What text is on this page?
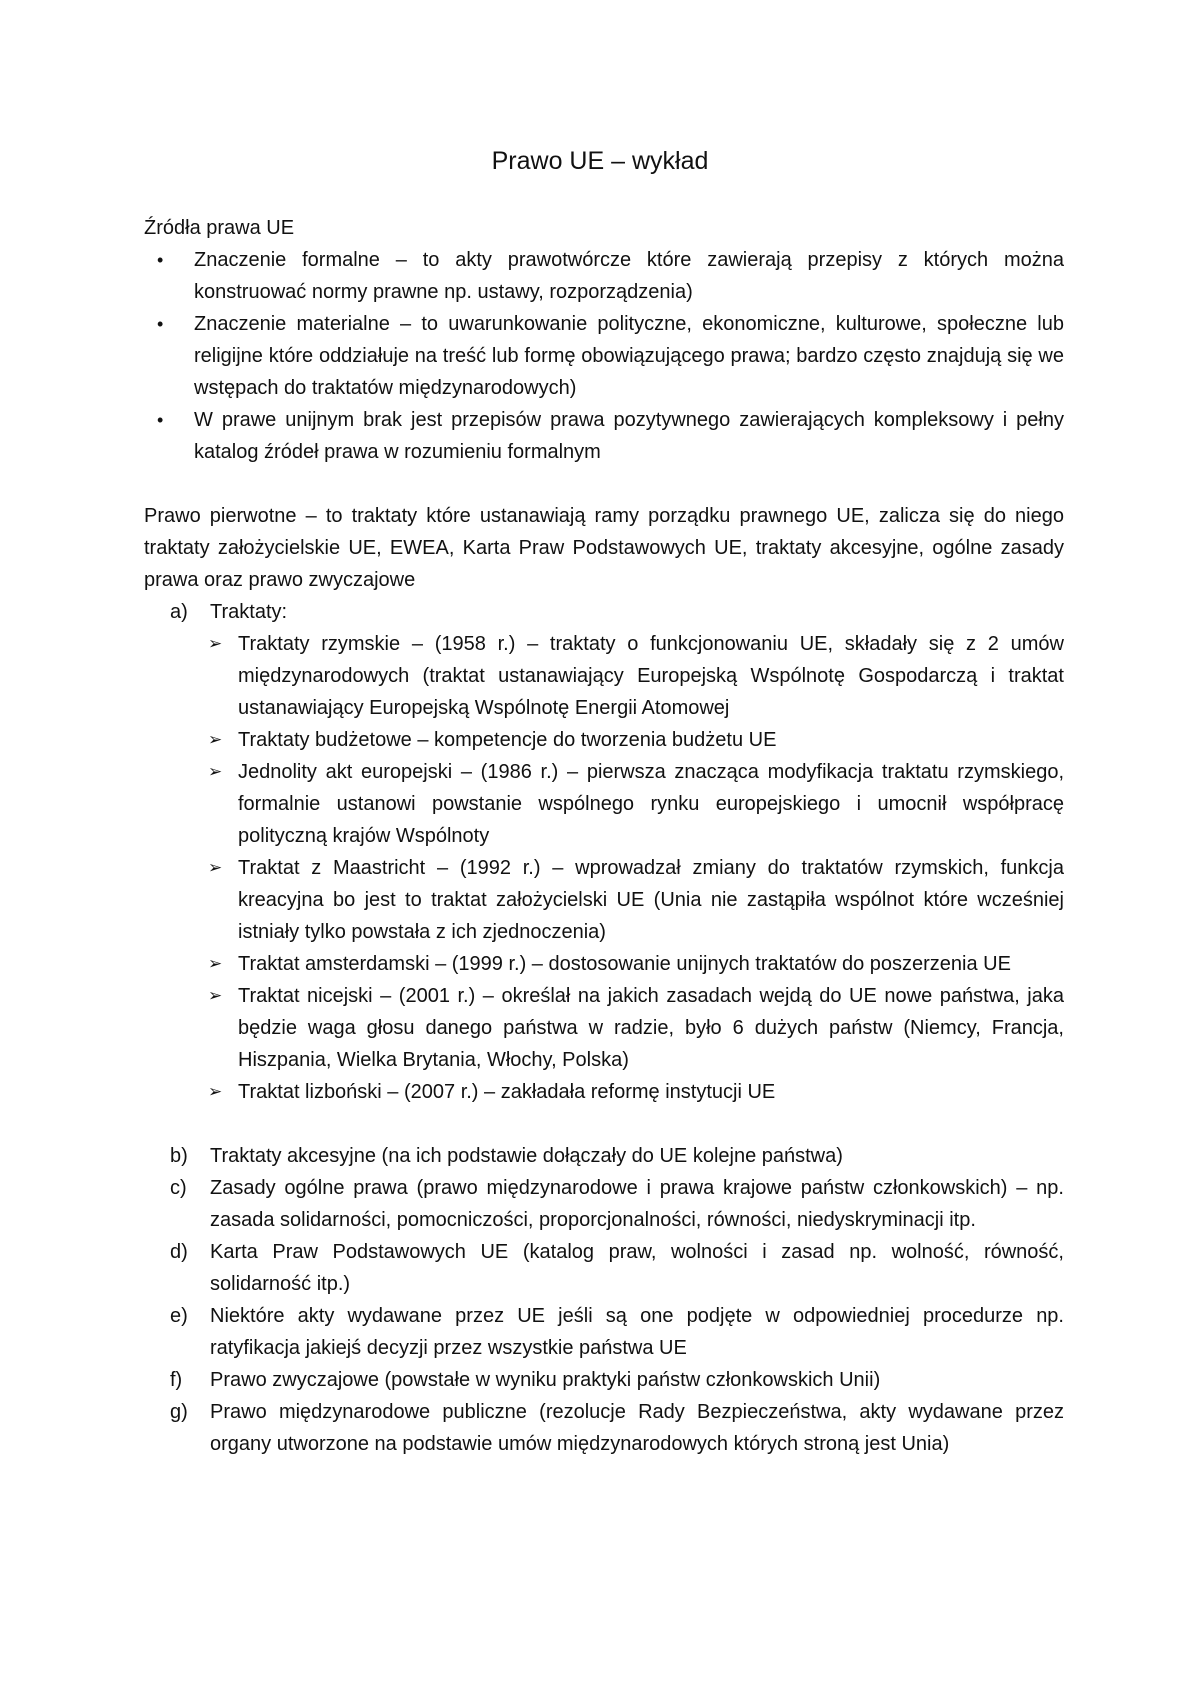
Prawo UE – wykład

Źródła prawa UE

• Znaczenie formalne – to akty prawotwórcze które zawierają przepisy z których można konstruować normy prawne np. ustawy, rozporządzenia)
• Znaczenie materialne – to uwarunkowanie polityczne, ekonomiczne, kulturowe, społeczne lub religijne które oddziałuje na treść lub formę obowiązującego prawa; bardzo często znajdują się we wstępach do traktatów międzynarodowych)
• W prawe unijnym brak jest przepisów prawa pozytywnego zawierających kompleksowy i pełny katalog źródeł prawa w rozumieniu formalnym

Prawo pierwotne – to traktaty które ustanawiają ramy porządku prawnego UE, zalicza się do niego traktaty założycielskie UE, EWEA, Karta Praw Podstawowych UE, traktaty akcesyjne, ogólne zasady prawa oraz prawo zwyczajowe

a) Traktaty:
➢ Traktaty rzymskie – (1958 r.) – traktaty o funkcjonowaniu UE, składały się z 2 umów międzynarodowych (traktat ustanawiający Europejską Wspólnotę Gospodarczą i traktat ustanawiający Europejską Wspólnotę Energii Atomowej
➢ Traktaty budżetowe – kompetencje do tworzenia budżetu UE
➢ Jednolity akt europejski – (1986 r.) – pierwsza znacząca modyfikacja traktatu rzymskiego, formalnie ustanowi powstanie wspólnego rynku europejskiego i umocnił współpracę polityczną krajów Wspólnoty
➢ Traktat z Maastricht – (1992 r.) – wprowadzał zmiany do traktatów rzymskich, funkcja kreacyjna bo jest to traktat założycielski UE (Unia nie zastąpiła wspólnot które wcześniej istniały tylko powstała z ich zjednoczenia)
➢ Traktat amsterdamski – (1999 r.) – dostosowanie unijnych traktatów do poszerzenia UE
➢ Traktat nicejski – (2001 r.) – określał na jakich zasadach wejdą do UE nowe państwa, jaka będzie waga głosu danego państwa w radzie, było 6 dużych państw (Niemcy, Francja, Hiszpania, Wielka Brytania, Włochy, Polska)
➢ Traktat lizboński – (2007 r.) – zakładała reformę instytucji UE
b) Traktaty akcesyjne (na ich podstawie dołączały do UE kolejne państwa)
c) Zasady ogólne prawa (prawo międzynarodowe i prawa krajowe państw członkowskich) – np. zasada solidarności, pomocniczości, proporcjonalności, równości, niedyskryminacji itp.
d) Karta Praw Podstawowych UE (katalog praw, wolności i zasad np. wolność, równość, solidarność itp.)
e) Niektóre akty wydawane przez UE jeśli są one podjęte w odpowiedniej procedurze np. ratyfikacja jakiejś decyzji przez wszystkie państwa UE
f) Prawo zwyczajowe (powstałe w wyniku praktyki państw członkowskich Unii)
g) Prawo międzynarodowe publiczne (rezolucje Rady Bezpieczeństwa, akty wydawane przez organy utworzone na podstawie umów międzynarodowych których stroną jest Unia)
